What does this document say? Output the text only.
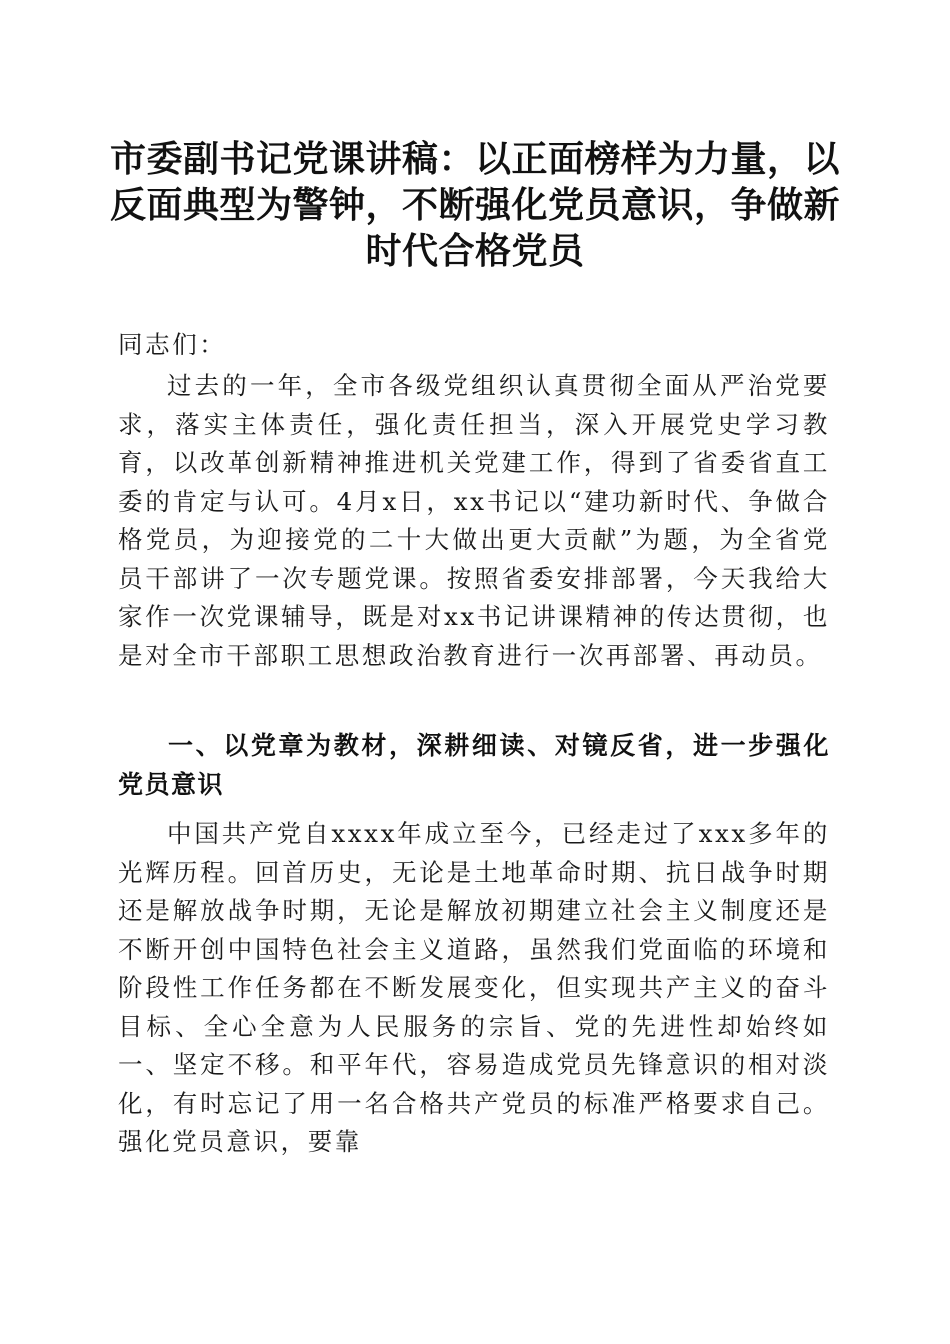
市委副书记党课讲稿：以正面榜样为力量，以反面典型为警钟，不断强化党员意识，争做新时代合格党员

同志们：

过去的一年，全市各级党组织认真贯彻全面从严治党要求，落实主体责任，强化责任担当，深入开展党史学习教育，以改革创新精神推进机关党建工作，得到了省委省直工委的肯定与认可。4月x日，xx书记以“建功新时代、争做合格党员，为迎接党的二十大做出更大贡献”为题，为全省党员干部讲了一次专题党课。按照省委安排部署，今天我给大家作一次党课辅导，既是对xx书记讲课精神的传达贯彻，也是对全市干部职工思想政治教育进行一次再部署、再动员。

一、以党章为教材，深耕细读、对镜反省，进一步强化党员意识

中国共产党自xxxx年成立至今，已经走过了xxx多年的光辉历程。回首历史，无论是土地革命时期、抗日战争时期还是解放战争时期，无论是解放初期建立社会主义制度还是不断开创中国特色社会主义道路，虽然我们党面临的环境和阶段性工作任务都在不断发展变化，但实现共产主义的奋斗目标、全心全意为人民服务的宗旨、党的先进性却始终如一、坚定不移。和平年代，容易造成党员先锋意识的相对淡化，有时忘记了用一名合格共产党员的标准严格要求自己。强化党员意识，要靠
